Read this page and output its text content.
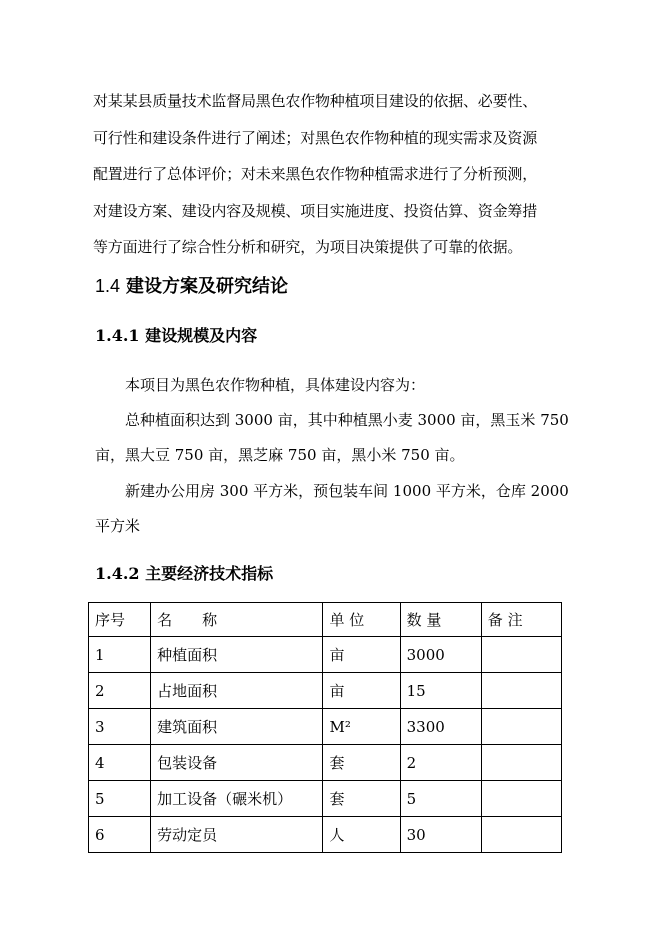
对某某县质量技术监督局黑色农作物种植项目建设的依据、必要性、
可行性和建设条件进行了阐述；对黑色农作物种植的现实需求及资源
配置进行了总体评价；对未来黑色农作物种植需求进行了分析预测，
对建设方案、建设内容及规模、项目实施进度、投资估算、资金筹措
等方面进行了综合性分析和研究，为项目决策提供了可靠的依据。
1.4 建设方案及研究结论
1.4.1 建设规模及内容
本项目为黑色农作物种植，具体建设内容为：
总种植面积达到 3000 亩，其中种植黑小麦 3000 亩，黑玉米 750
亩，黑大豆 750 亩，黑芝麻 750 亩，黑小米 750 亩。
新建办公用房 300 平方米，预包装车间 1000 平方米，仓库 2000
平方米
1.4.2 主要经济技术指标
序号	名　　称	单 位	数 量	备 注
1	种植面积	亩	3000	
2	占地面积	亩	15	
3	建筑面积	M²	3300	
4	包装设备	套	2	
5	加工设备（碾米机）	套	5	
6	劳动定员	人	30	
